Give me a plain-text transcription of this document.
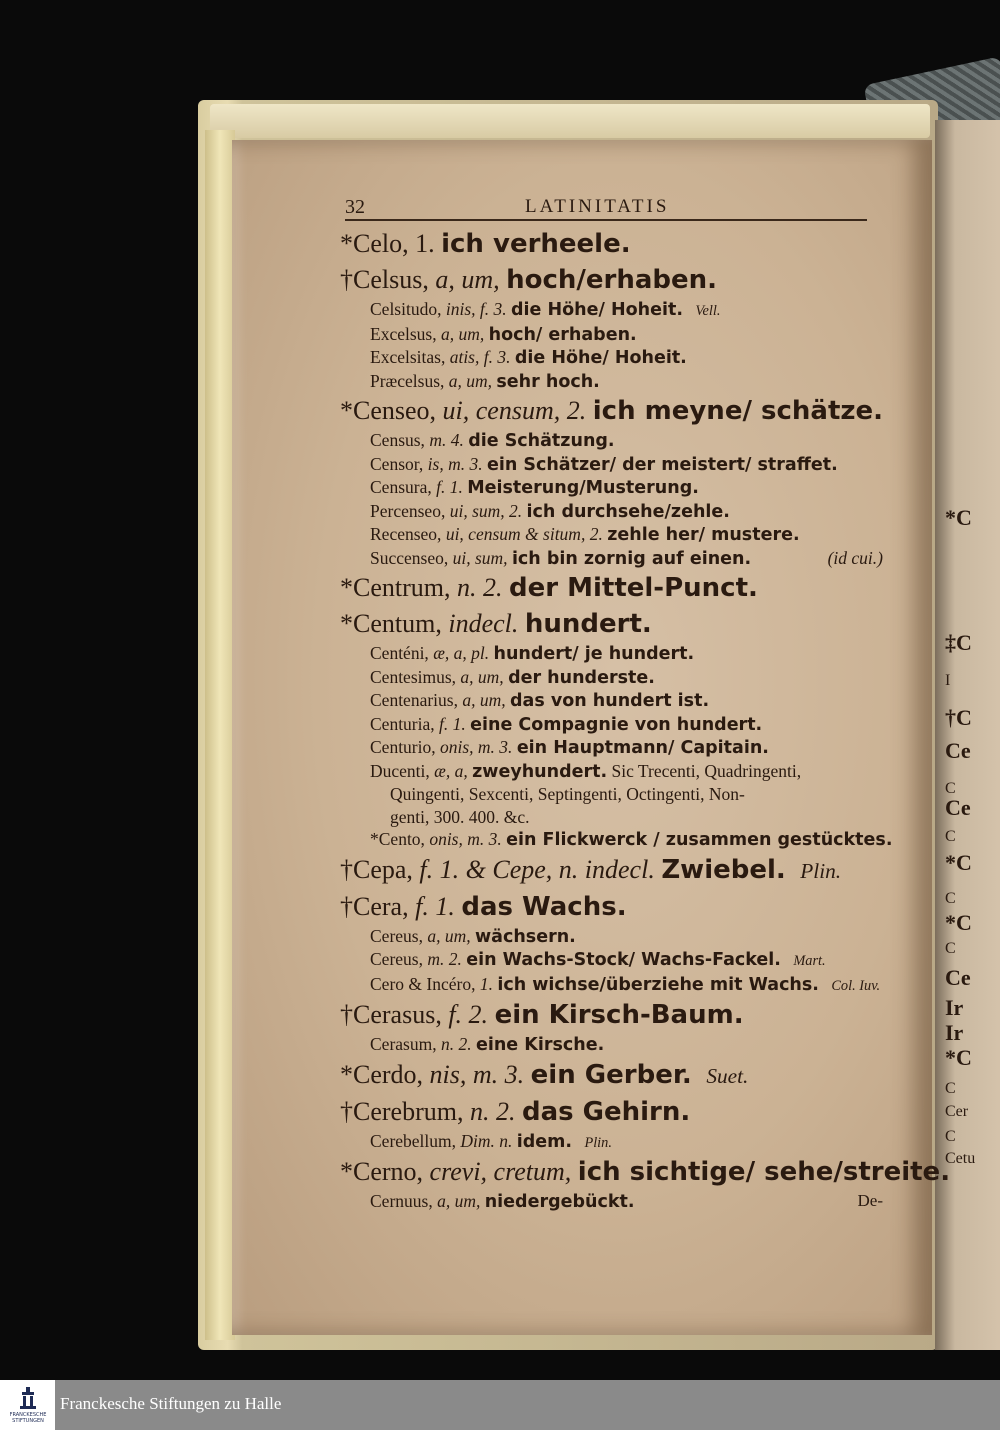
32	LATINITATIS
*Celo, 1. ich verheele.
†Celsus, a, um, hoch/erhaben.
Celsitudo, inis, f. 3. die Höhe/ Hoheit. Vell.
Excelsus, a, um, hoch/ erhaben.
Excelsitas, atis, f. 3. die Höhe/ Hoheit.
Præcelsus, a, um, sehr hoch.
*Censeo, ui, censum, 2. ich meyne/ schätze.
Census, m. 4. die Schätzung.
Censor, is, m. 3. ein Schätzer/ der meistert/ straffet.
Censura, f. 1. Meisterung/Musterung.
Percenseo, ui, sum, 2. ich durchsehe/zehle.
Recenseo, ui, censum & situm, 2. zehle her/ mustere.
Succenseo, ui, sum, ich bin zornig auf einen.	(id cui.)
*Centrum, n. 2. der Mittel-Punct.
*Centum, indecl. hundert.
Centéni, æ, a, pl. hundert/ je hundert.
Centesimus, a, um, der hunderste.
Centenarius, a, um, das von hundert ist.
Centuria, f. 1. eine Compagnie von hundert.
Centurio, onis, m. 3. ein Hauptmann/ Capitain.
Ducenti, æ, a, zweyhundert. Sic Trecenti, Quadringenti,
Quingenti, Sexcenti, Septingenti, Octingenti, Non-
genti, 300. 400. &c.
*Cento, onis, m. 3. ein Flickwerck / zusammen gestücktes.
†Cepa, f. 1. & Cepe, n. indecl. Zwiebel. Plin.
†Cera, f. 1. das Wachs.
Cereus, a, um, wächsern.
Cereus, m. 2. ein Wachs-Stock/ Wachs-Fackel. Mart.
Cero & Incéro, 1. ich wichse/überziehe mit Wachs. Col. Iuv.
†Cerasus, f. 2. ein Kirsch-Baum.
Cerasum, n. 2. eine Kirsche.
*Cerdo, nis, m. 3. ein Gerber. Suet.
†Cerebrum, n. 2. das Gehirn.
Cerebellum, Dim. n. idem. Plin.
*Cerno, crevi, cretum, ich sichtige/ sehe/streite.
Cernuus, a, um, niedergebückt.	De-
*C
‡C
I
†C
Ce
C
Ce
C
*C
C
*C
C
Ce
Ir
Ir
*C
C
Cer
C
Cetu
FRANCKESCHE STIFTUNGEN
Franckesche Stiftungen zu Halle
